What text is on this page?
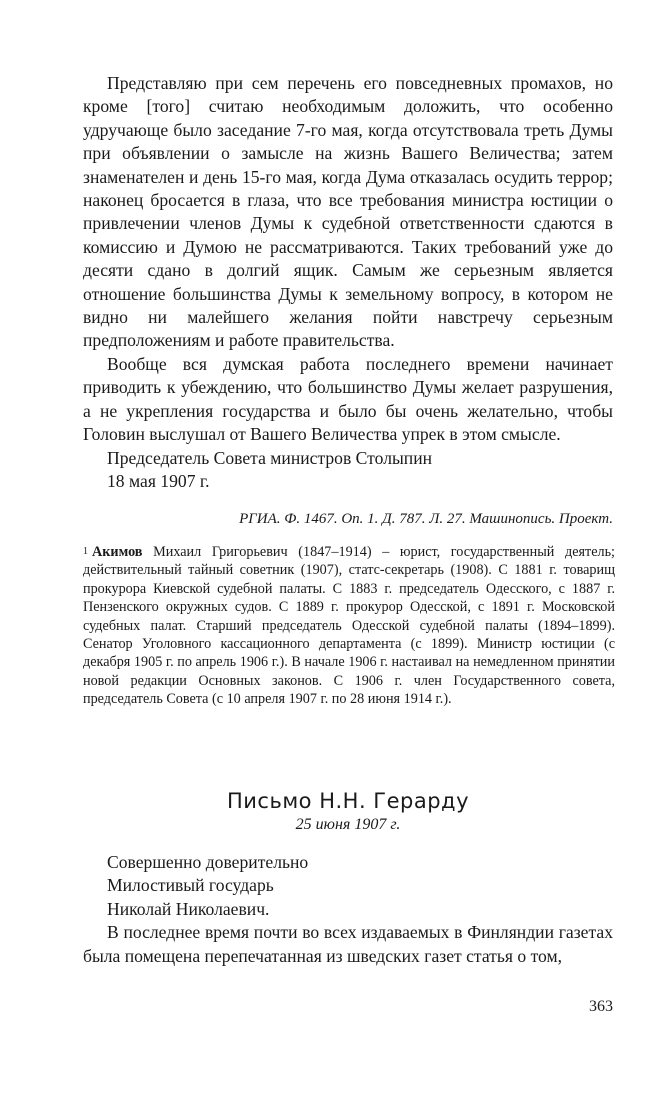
Представляю при сем перечень его повседневных промахов, но кроме [того] считаю необходимым доложить, что особенно удручающе было заседание 7-го мая, когда отсутствовала треть Думы при объявлении о замысле на жизнь Вашего Величества; затем знаменателен и день 15-го мая, когда Дума отказалась осудить террор; наконец бросается в глаза, что все требования министра юстиции о привлечении членов Думы к судебной ответственности сдаются в комиссию и Думою не рассматриваются. Таких требований уже до десяти сдано в долгий ящик. Самым же серьезным является отношение большинства Думы к земельному вопросу, в котором не видно ни малейшего желания пойти навстречу серьезным предположениям и работе правительства.

Вообще вся думская работа последнего времени начинает приводить к убеждению, что большинство Думы желает разрушения, а не укрепления государства и было бы очень желательно, чтобы Головин выслушал от Вашего Величества упрек в этом смысле.

Председатель Совета министров Столыпин
18 мая 1907 г.
РГИА. Ф. 1467. Оп. 1. Д. 787. Л. 27. Машинопись. Проект.
$^1$ Акимов Михаил Григорьевич (1847–1914) – юрист, государственный деятель; действительный тайный советник (1907), статс-секретарь (1908). С 1881 г. товарищ прокурора Киевской судебной палаты. С 1883 г. председатель Одесского, с 1887 г. Пензенского окружных судов. С 1889 г. прокурор Одесской, с 1891 г. Московской судебных палат. Старший председатель Одесской судебной палаты (1894–1899). Сенатор Уголовного кассационного департамента (с 1899). Министр юстиции (с декабря 1905 г. по апрель 1906 г.). В начале 1906 г. настаивал на немедленном принятии новой редакции Основных законов. С 1906 г. член Государственного совета, председатель Совета (с 10 апреля 1907 г. по 28 июня 1914 г.).
Письмо Н.Н. Герарду
25 июня 1907 г.
Совершенно доверительно
Милостивый государь
Николай Николаевич.

В последнее время почти во всех издаваемых в Финляндии газетах была помещена перепечатанная из шведских газет статья о том,

363
